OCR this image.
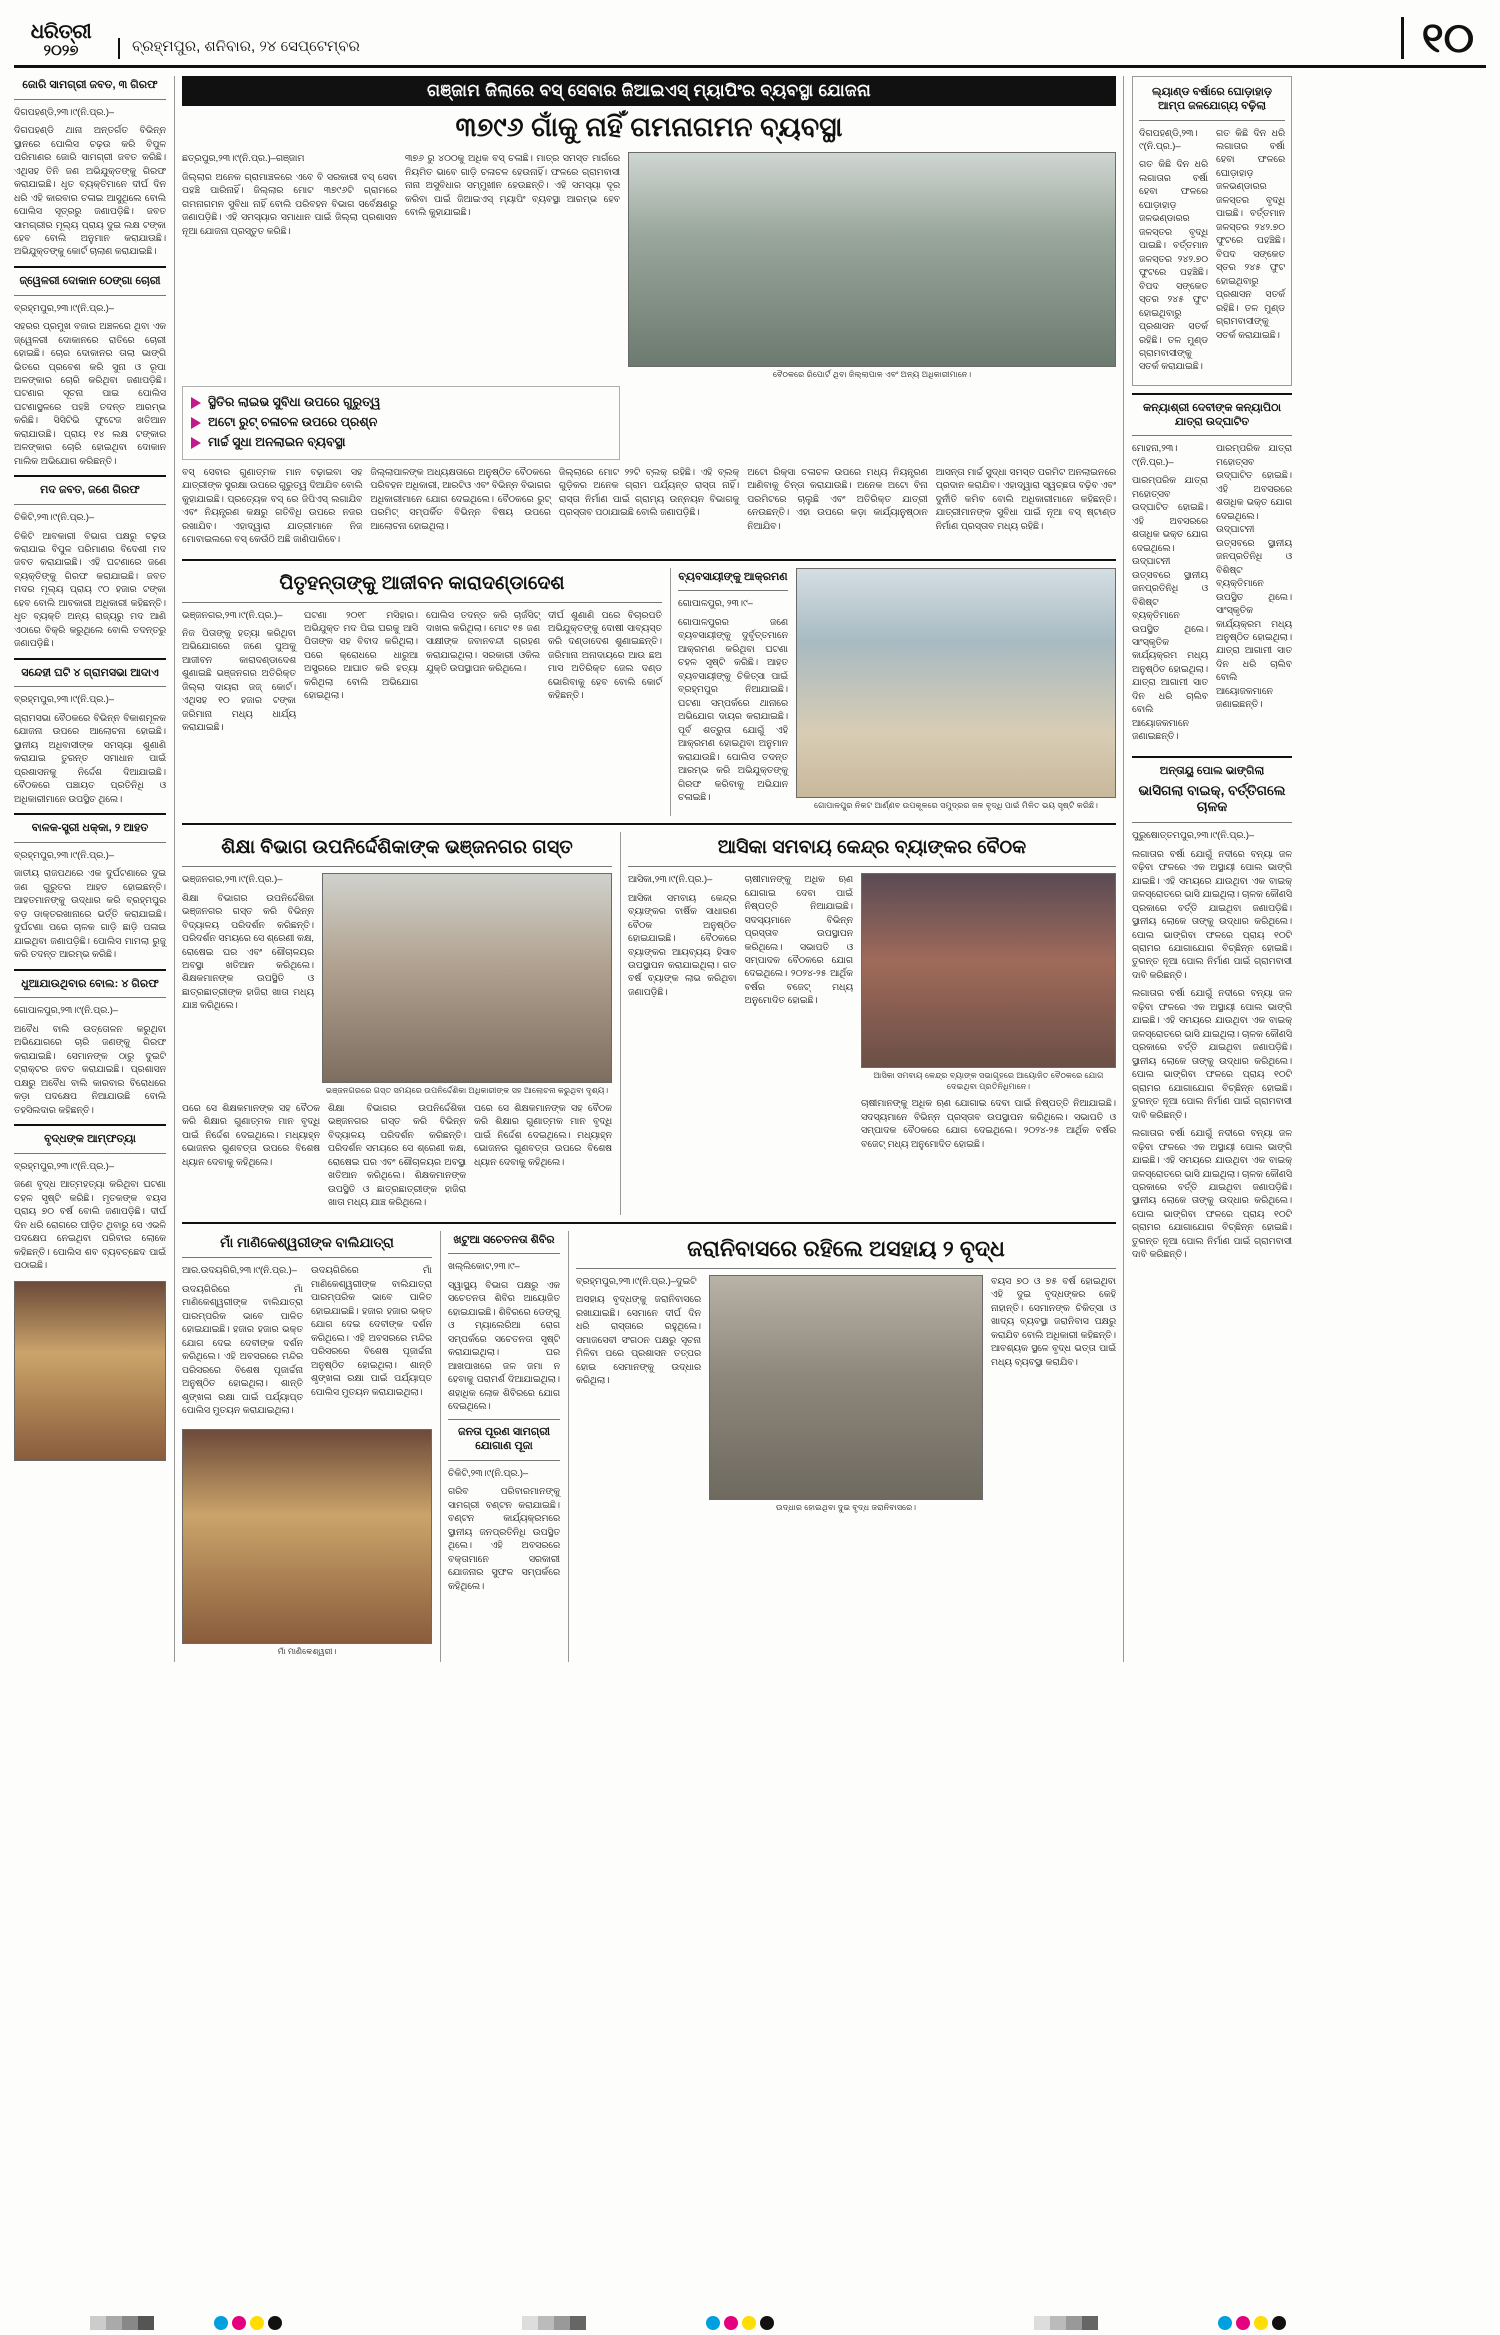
ଧରିତ୍ରୀ
୨୦୨୭	ବ୍ରହ୍ମପୁର, ଶନିବାର, ୨୪ ସେପ୍ଟେମ୍ବର	୧୦
ଜୋରି ସାମଗ୍ରୀ ଜବତ, ୩ ଗିରଫ

ଦିଗପହଣ୍ଡି,୨୩।୯(ନି.ପ୍ର.)–

ଦିଗପହଣ୍ଡି ଥାନା ଅନ୍ତର୍ଗତ ବିଭିନ୍ନ ସ୍ଥାନରେ ପୋଲିସ ଚଢ଼ଉ କରି ବିପୁଳ ପରିମାଣର ଜୋରି ସାମଗ୍ରୀ ଜବତ କରିଛି। ଏଥିସହ ତିନି ଜଣ ଅଭିଯୁକ୍ତଙ୍କୁ ଗିରଫ କରାଯାଇଛି। ଧୃତ ବ୍ୟକ୍ତିମାନେ ଦୀର୍ଘ ଦିନ ଧରି ଏହି କାରବାର ଚଳାଇ ଆସୁଥିଲେ ବୋଲି ପୋଲିସ ସୂତ୍ରରୁ ଜଣାପଡ଼ିଛି। ଜବତ ସାମଗ୍ରୀର ମୂଲ୍ୟ ପ୍ରାୟ ଦୁଇ ଲକ୍ଷ ଟଙ୍କା ହେବ ବୋଲି ଅନୁମାନ କରାଯାଉଛି। ଅଭିଯୁକ୍ତଙ୍କୁ କୋର୍ଟ ଚାଲାଣ କରାଯାଇଛି।

ଜ୍ୱେଳରୀ ଦୋକାନ ଠେଙ୍ଗା ଚୋରୀ

ବ୍ରହ୍ମପୁର,୨୩।୯(ନି.ପ୍ର.)–

ସହରର ପ୍ରମୁଖ ବଜାର ଅଞ୍ଚଳରେ ଥିବା ଏକ ଜ୍ୱେଳରୀ ଦୋକାନରେ ରାତିରେ ଚୋରୀ ହୋଇଛି। ଚୋର ଦୋକାନର ତାଲା ଭାଙ୍ଗି ଭିତରେ ପ୍ରବେଶ କରି ସୁନା ଓ ରୂପା ଅଳଙ୍କାର ଚୋରି କରିଥିବା ଜଣାପଡ଼ିଛି। ଘଟଣାର ସୂଚନା ପାଇ ପୋଲିସ ଘଟଣାସ୍ଥଳରେ ପହଞ୍ଚି ତଦନ୍ତ ଆରମ୍ଭ କରିଛି। ସିସିଟିଭି ଫୁଟେଜ ଖତିଆନ କରାଯାଉଛି। ପ୍ରାୟ ୧୪ ଲକ୍ଷ ଟଙ୍କାର ଅଳଙ୍କାର ଚୋରି ହୋଇଥିବା ଦୋକାନ ମାଲିକ ଅଭିଯୋଗ କରିଛନ୍ତି।

ମଦ ଜବତ, ଜଣେ ଗିରଫ

ଚିକିଟି,୨୩।୯(ନି.ପ୍ର.)–

ଚିକିଟି ଆବକାରୀ ବିଭାଗ ପକ୍ଷରୁ ଚଢ଼ଉ କରାଯାଇ ବିପୁଳ ପରିମାଣର ବିଦେଶୀ ମଦ ଜବତ କରାଯାଇଛି। ଏହି ଘଟଣାରେ ଜଣେ ବ୍ୟକ୍ତିଙ୍କୁ ଗିରଫ କରାଯାଇଛି। ଜବତ ମଦର ମୂଲ୍ୟ ପ୍ରାୟ ୯୦ ହଜାର ଟଙ୍କା ହେବ ବୋଲି ଆବକାରୀ ଅଧିକାରୀ କହିଛନ୍ତି। ଧୃତ ବ୍ୟକ୍ତି ଅନ୍ୟ ରାଜ୍ୟରୁ ମଦ ଆଣି ଏଠାରେ ବିକ୍ରି କରୁଥିଲେ ବୋଲି ତଦନ୍ତରୁ ଜଣାପଡ଼ିଛି।

ସନ୍ଦେହୀ ଘଟି ୪ ଗ୍ରାମସଭା ଆଦାଏ

ବ୍ରହ୍ମପୁର,୨୩।୯(ନି.ପ୍ର.)–

ଗ୍ରାମସଭା ବୈଠକରେ ବିଭିନ୍ନ ବିକାଶମୂଳକ ଯୋଜନା ଉପରେ ଆଲୋଚନା ହୋଇଛି। ସ୍ଥାନୀୟ ଅଧିବାସୀଙ୍କ ସମସ୍ୟା ଶୁଣାଣି କରାଯାଇ ତୁରନ୍ତ ସମାଧାନ ପାଇଁ ପ୍ରଶାସନକୁ ନିର୍ଦ୍ଦେଶ ଦିଆଯାଇଛି। ବୈଠକରେ ପଞ୍ଚାୟତ ପ୍ରତିନିଧି ଓ ଅଧିକାରୀମାନେ ଉପସ୍ଥିତ ଥିଲେ।

ବାଳକ-ସ୍ତ୍ରୀ ଧକ୍କା, ୨ ଆହତ

ବ୍ରହ୍ମପୁର,୨୩।୯(ନି.ପ୍ର.)–

ଜାତୀୟ ରାଜପଥରେ ଏକ ଦୁର୍ଘଟଣାରେ ଦୁଇ ଜଣ ଗୁରୁତର ଆହତ ହୋଇଛନ୍ତି। ଆହତମାନଙ୍କୁ ଉଦ୍ଧାର କରି ବ୍ରହ୍ମପୁର ବଡ଼ ଡାକ୍ତରଖାନାରେ ଭର୍ତ୍ତି କରାଯାଇଛି। ଦୁର୍ଘଟଣା ପରେ ଚାଳକ ଗାଡ଼ି ଛାଡ଼ି ପଳାଇ ଯାଇଥିବା ଜଣାପଡ଼ିଛି। ପୋଲିସ ମାମଲା ରୁଜୁ କରି ତଦନ୍ତ ଆରମ୍ଭ କରିଛି।

ଧୁଆଯାଉଥିବାର ବୋଲ: ୪ ଗିରଫ

ଗୋପାଳପୁର,୨୩।୯(ନି.ପ୍ର.)–

ଅବୈଧ ବାଲି ଉତ୍ତୋଳନ କରୁଥିବା ଅଭିଯୋଗରେ ଚାରି ଜଣଙ୍କୁ ଗିରଫ କରାଯାଇଛି। ସେମାନଙ୍କ ଠାରୁ ଦୁଇଟି ଟ୍ରାକ୍ଟର ଜବତ କରାଯାଇଛି। ପ୍ରଶାସନ ପକ୍ଷରୁ ଅବୈଧ ବାଲି କାରବାର ବିରୋଧରେ କଡ଼ା ପଦକ୍ଷେପ ନିଆଯାଉଛି ବୋଲି ତହସିଲଦାର କହିଛନ୍ତି।

ବୃଦ୍ଧଙ୍କ ଆମ୍ଫତ୍ୟା

ବ୍ରହ୍ମପୁର,୨୩।୯(ନି.ପ୍ର.)–

ଜଣେ ବୃଦ୍ଧ ଆତ୍ମହତ୍ୟା କରିଥିବା ଘଟଣା ଚହଳ ସୃଷ୍ଟି କରିଛି। ମୃତକଙ୍କ ବୟସ ପ୍ରାୟ ୭୦ ବର୍ଷ ବୋଲି ଜଣାପଡ଼ିଛି। ଦୀର୍ଘ ଦିନ ଧରି ରୋଗରେ ପୀଡ଼ିତ ଥିବାରୁ ସେ ଏଭଳି ପଦକ୍ଷେପ ନେଇଥିବା ପରିବାର ଲୋକେ କହିଛନ୍ତି। ପୋଲିସ ଶବ ବ୍ୟବଚ୍ଛେଦ ପାଇଁ ପଠାଇଛି।

ଗଞ୍ଜାମ ଜିଲାରେ ବସ୍ ସେବାର ଜିଆଇଏସ୍ ମ୍ୟାପିଂର ବ୍ୟବସ୍ଥା ଯୋଜନା
୩୭୯୬ ଗାଁକୁ ନାହିଁ ଗମନାଗମନ ବ୍ୟବସ୍ଥା

ଛତ୍ରପୁର,୨୩।୯(ନି.ପ୍ର.)–ଗଞ୍ଜାମ

ଜିଲ୍ଲାର ଅନେକ ଗ୍ରାମାଞ୍ଚଳରେ ଏବେ ବି ସରକାରୀ ବସ୍ ସେବା ପହଞ୍ଚି ପାରିନାହିଁ। ଜିଲ୍ଲାର ମୋଟ ୩୭୯୬ଟି ଗ୍ରାମରେ ଗମନାଗମନ ସୁବିଧା ନାହିଁ ବୋଲି ପରିବହନ ବିଭାଗ ସର୍ବେକ୍ଷଣରୁ ଜଣାପଡ଼ିଛି। ଏହି ସମସ୍ୟାର ସମାଧାନ ପାଇଁ ଜିଲ୍ଲା ପ୍ରଶାସନ ନୂଆ ଯୋଜନା ପ୍ରସ୍ତୁତ କରିଛି।

୩୭୬ ରୁ ୪୦୦କୁ ଅଧିକ ବସ୍ ଚଳାଛି। ମାତ୍ର ସମସ୍ତ ମାର୍ଗରେ ନିୟମିତ ଭାବେ ଗାଡ଼ି ଚଳାଚଳ ହେଉନାହିଁ। ଫଳରେ ଗ୍ରାମବାସୀ ନାନା ଅସୁବିଧାର ସମ୍ମୁଖୀନ ହେଉଛନ୍ତି। ଏହି ସମସ୍ୟା ଦୂର କରିବା ପାଇଁ ଜିଆଇଏସ୍ ମ୍ୟାପିଂ ବ୍ୟବସ୍ଥା ଆରମ୍ଭ ହେବ ବୋଲି କୁହାଯାଇଛି।

ବୈଠକରେ ରିପୋର୍ଟ ଥିବା ଜିଲ୍ଲାପାଳ ଏବଂ ଅନ୍ୟ ଅଧିକାରୀମାନେ।
ସ୍ଥିତିର ଲାଇଭ ସୁବିଧା ଉପରେ ଗୁରୁତ୍ୱ
ଅଟୋ ରୁଟ୍ ଚଳାଚଳ ଉପରେ ପ୍ରଶ୍ନ
ମାର୍ଚ୍ଚ ସୁଧା ଅନଲାଇନ ବ୍ୟବସ୍ଥା

ବସ୍ ସେବାର ଗୁଣାତ୍ମକ ମାନ ବଢ଼ାଇବା ସହ ଯାତ୍ରୀଙ୍କ ସୁରକ୍ଷା ଉପରେ ଗୁରୁତ୍ୱ ଦିଆଯିବ ବୋଲି କୁହାଯାଇଛି। ପ୍ରତ୍ୟେକ ବସ୍ ରେ ଜିପିଏସ୍ ଲଗାଯିବ ଏବଂ ନିୟନ୍ତ୍ରଣ କକ୍ଷରୁ ଗତିବିଧି ଉପରେ ନଜର ରଖାଯିବ। ଏହାଦ୍ୱାରା ଯାତ୍ରୀମାନେ ନିଜ ମୋବାଇଲରେ ବସ୍ କେଉଁଠି ଅଛି ଜାଣିପାରିବେ।

ଜିଲ୍ଲାପାଳଙ୍କ ଅଧ୍ୟକ୍ଷତାରେ ଅନୁଷ୍ଠିତ ବୈଠକରେ ପରିବହନ ଅଧିକାରୀ, ଆରଟିଓ ଏବଂ ବିଭିନ୍ନ ବିଭାଗର ଅଧିକାରୀମାନେ ଯୋଗ ଦେଇଥିଲେ। ବୈଠକରେ ରୁଟ୍ ପରମିଟ୍ ସମ୍ପର୍କିତ ବିଭିନ୍ନ ବିଷୟ ଉପରେ ଆଲୋଚନା ହୋଇଥିଲା।

ଜିଲ୍ଲାରେ ମୋଟ ୨୨ଟି ବ୍ଲକ୍ ରହିଛି। ଏହି ବ୍ଲକ୍ ଗୁଡ଼ିକର ଅନେକ ଗ୍ରାମ ପର୍ଯ୍ୟନ୍ତ ରାସ୍ତା ନାହିଁ। ରାସ୍ତା ନିର୍ମାଣ ପାଇଁ ଗ୍ରାମ୍ୟ ଉନ୍ନୟନ ବିଭାଗକୁ ପ୍ରସ୍ତାବ ପଠାଯାଇଛି ବୋଲି ଜଣାପଡ଼ିଛି।

ଅଟୋ ରିକ୍ସା ଚଳାଚଳ ଉପରେ ମଧ୍ୟ ନିୟନ୍ତ୍ରଣ ଆଣିବାକୁ ଚିନ୍ତା କରାଯାଉଛି। ଅନେକ ଅଟୋ ବିନା ପରମିଟରେ ଚାଲୁଛି ଏବଂ ଅତିରିକ୍ତ ଯାତ୍ରୀ ନେଉଛନ୍ତି। ଏହା ଉପରେ କଡ଼ା କାର୍ଯ୍ୟାନୁଷ୍ଠାନ ନିଆଯିବ।

ଆସନ୍ତା ମାର୍ଚ୍ଚ ସୁଦ୍ଧା ସମସ୍ତ ପରମିଟ ଅନଲାଇନରେ ପ୍ରଦାନ କରାଯିବ। ଏହାଦ୍ୱାରା ସ୍ୱଚ୍ଛତା ବଢ଼ିବ ଏବଂ ଦୁର୍ନୀତି କମିବ ବୋଲି ଅଧିକାରୀମାନେ କହିଛନ୍ତି। ଯାତ୍ରୀମାନଙ୍କ ସୁବିଧା ପାଇଁ ନୂଆ ବସ୍ ଷ୍ଟାଣ୍ଡ ନିର୍ମାଣ ପ୍ରସ୍ତାବ ମଧ୍ୟ ରହିଛି।

ପିତୃହନ୍ତାଙ୍କୁ ଆଜୀବନ କାରାଦଣ୍ଡାଦେଶ

ଭଞ୍ଜନଗର,୨୩।୯(ନି.ପ୍ର.)–

ନିଜ ପିତାଙ୍କୁ ହତ୍ୟା କରିଥିବା ଅଭିଯୋଗରେ ଜଣେ ପୁଅକୁ ଆଜୀବନ କାରାଦଣ୍ଡାଦେଶ ଶୁଣାଇଛି ଭଞ୍ଜନଗର ଅତିରିକ୍ତ ଜିଲ୍ଲା ଦାୟରା ଜଜ୍ କୋର୍ଟ। ଏଥିସହ ୧୦ ହଜାର ଟଙ୍କା ଜରିମାନା ମଧ୍ୟ ଧାର୍ଯ୍ୟ କରାଯାଇଛି।

ଘଟଣା ୨୦୧୮ ମସିହାର। ଅଭିଯୁକ୍ତ ମଦ ପିଇ ଘରକୁ ଆସି ପିତାଙ୍କ ସହ ବିବାଦ କରିଥିଲା। ପରେ କ୍ରୋଧରେ ଧାରୁଆ ଅସ୍ତ୍ରରେ ଆଘାତ କରି ହତ୍ୟା କରିଥିଲା ବୋଲି ଅଭିଯୋଗ ହୋଇଥିଲା।

ପୋଲିସ ତଦନ୍ତ କରି ଚାର୍ଜସିଟ୍ ଦାଖଲ କରିଥିଲା। ମୋଟ ୧୫ ଜଣ ସାକ୍ଷୀଙ୍କ ଜବାନବନ୍ଦୀ ଗ୍ରହଣ କରାଯାଇଥିଲା। ସରକାରୀ ଓକିଲ ଯୁକ୍ତି ଉପସ୍ଥାପନ କରିଥିଲେ।

ଦୀର୍ଘ ଶୁଣାଣି ପରେ ବିଚାରପତି ଅଭିଯୁକ୍ତଙ୍କୁ ଦୋଷୀ ସାବ୍ୟସ୍ତ କରି ଦଣ୍ଡାଦେଶ ଶୁଣାଇଛନ୍ତି। ଜରିମାନା ଅନାଦାୟରେ ଆଉ ଛଅ ମାସ ଅତିରିକ୍ତ ଜେଲ ଦଣ୍ଡ ଭୋଗିବାକୁ ହେବ ବୋଲି କୋର୍ଟ କହିଛନ୍ତି।

ବ୍ୟବସାୟୀଙ୍କୁ ଆକ୍ରମଣ

ଗୋପାଳପୁର, ୨୩।୯–

ଗୋପାଳପୁରର ଜଣେ ବ୍ୟବସାୟୀଙ୍କୁ ଦୁର୍ବୃତ୍ତମାନେ ଆକ୍ରମଣ କରିଥିବା ଘଟଣା ଚହଳ ସୃଷ୍ଟି କରିଛି। ଆହତ ବ୍ୟବସାୟୀଙ୍କୁ ଚିକିତ୍ସା ପାଇଁ ବ୍ରହ୍ମପୁର ନିଆଯାଇଛି। ଘଟଣା ସମ୍ପର୍କରେ ଥାନାରେ ଅଭିଯୋଗ ଦାୟର କରାଯାଇଛି। ପୂର୍ବ ଶତ୍ରୁତା ଯୋଗୁଁ ଏହି ଆକ୍ରମଣ ହୋଇଥିବା ଅନୁମାନ କରାଯାଉଛି। ପୋଲିସ ତଦନ୍ତ ଆରମ୍ଭ କରି ଅଭିଯୁକ୍ତଙ୍କୁ ଗିରଫ କରିବାକୁ ଅଭିଯାନ ଚଳାଇଛି।

ଗୋପାଳପୁର ନିକଟ ଆର୍ଣ୍ଣବ ଉପକୂଳରେ ସମୁଦ୍ରର ଜଳ ବୃଦ୍ଧି ପାଇଁ ମିଳିତ ଭୟ ସୃଷ୍ଟି କରିଛି।
ଶିକ୍ଷା ବିଭାଗ ଉପନିର୍ଦ୍ଦେଶିକାଙ୍କ ଭଞ୍ଜନଗର ଗସ୍ତ

ଭଞ୍ଜନଗର,୨୩।୯(ନି.ପ୍ର.)–

ଶିକ୍ଷା ବିଭାଗର ଉପନିର୍ଦ୍ଦେଶିକା ଭଞ୍ଜନଗର ଗସ୍ତ କରି ବିଭିନ୍ନ ବିଦ୍ୟାଳୟ ପରିଦର୍ଶନ କରିଛନ୍ତି। ପରିଦର୍ଶନ ସମୟରେ ସେ ଶ୍ରେଣୀ କକ୍ଷ, ରୋଷେଇ ଘର ଏବଂ ଶୌଚାଳୟର ଅବସ୍ଥା ଖତିଆନ କରିଥିଲେ। ଶିକ୍ଷକମାନଙ୍କ ଉପସ୍ଥିତି ଓ ଛାତ୍ରଛାତ୍ରୀଙ୍କ ହାଜିରା ଖାତା ମଧ୍ୟ ଯାଞ୍ଚ କରିଥିଲେ।

ଭଞ୍ଜନଗରରେ ଗସ୍ତ ସମୟରେ ଉପନିର୍ଦ୍ଦେଶିକା ଅଧିକାରୀଙ୍କ ସହ ଆଲୋଚନା କରୁଥିବା ଦୃଶ୍ୟ।

ପରେ ସେ ଶିକ୍ଷକମାନଙ୍କ ସହ ବୈଠକ କରି ଶିକ୍ଷାର ଗୁଣାତ୍ମକ ମାନ ବୃଦ୍ଧି ପାଇଁ ନିର୍ଦ୍ଦେଶ ଦେଇଥିଲେ। ମଧ୍ୟାହ୍ନ ଭୋଜନର ଗୁଣବତ୍ତା ଉପରେ ବିଶେଷ ଧ୍ୟାନ ଦେବାକୁ କହିଥିଲେ।

ଶିକ୍ଷା ବିଭାଗର ଉପନିର୍ଦ୍ଦେଶିକା ଭଞ୍ଜନଗର ଗସ୍ତ କରି ବିଭିନ୍ନ ବିଦ୍ୟାଳୟ ପରିଦର୍ଶନ କରିଛନ୍ତି। ପରିଦର୍ଶନ ସମୟରେ ସେ ଶ୍ରେଣୀ କକ୍ଷ, ରୋଷେଇ ଘର ଏବଂ ଶୌଚାଳୟର ଅବସ୍ଥା ଖତିଆନ କରିଥିଲେ। ଶିକ୍ଷକମାନଙ୍କ ଉପସ୍ଥିତି ଓ ଛାତ୍ରଛାତ୍ରୀଙ୍କ ହାଜିରା ଖାତା ମଧ୍ୟ ଯାଞ୍ଚ କରିଥିଲେ।

ପରେ ସେ ଶିକ୍ଷକମାନଙ୍କ ସହ ବୈଠକ କରି ଶିକ୍ଷାର ଗୁଣାତ୍ମକ ମାନ ବୃଦ୍ଧି ପାଇଁ ନିର୍ଦ୍ଦେଶ ଦେଇଥିଲେ। ମଧ୍ୟାହ୍ନ ଭୋଜନର ଗୁଣବତ୍ତା ଉପରେ ବିଶେଷ ଧ୍ୟାନ ଦେବାକୁ କହିଥିଲେ।

ଆସିକା ସମବାୟ କେନ୍ଦ୍ର ବ୍ୟାଙ୍କର ବୈଠକ

ଆସିକା,୨୩।୯(ନି.ପ୍ର.)–

ଆସିକା ସମବାୟ କେନ୍ଦ୍ର ବ୍ୟାଙ୍କର ବାର୍ଷିକ ସାଧାରଣ ବୈଠକ ଅନୁଷ୍ଠିତ ହୋଇଯାଇଛି। ବୈଠକରେ ବ୍ୟାଙ୍କର ଆୟବ୍ୟୟ ହିସାବ ଉପସ୍ଥାପନ କରାଯାଇଥିଲା। ଗତ ବର୍ଷ ବ୍ୟାଙ୍କ ଲାଭ କରିଥିବା ଜଣାପଡ଼ିଛି।

ଚାଷୀମାନଙ୍କୁ ଅଧିକ ଋଣ ଯୋଗାଇ ଦେବା ପାଇଁ ନିଷ୍ପତ୍ତି ନିଆଯାଇଛି। ସଦସ୍ୟମାନେ ବିଭିନ୍ନ ପ୍ରସ୍ତାବ ଉପସ୍ଥାପନ କରିଥିଲେ। ସଭାପତି ଓ ସମ୍ପାଦକ ବୈଠକରେ ଯୋଗ ଦେଇଥିଲେ। ୨୦୨୪-୨୫ ଆର୍ଥିକ ବର୍ଷର ବଜେଟ୍ ମଧ୍ୟ ଅନୁମୋଦିତ ହୋଇଛି।

ଆସିକା ସମବାୟ କେନ୍ଦ୍ର ବ୍ୟାଙ୍କ ସଭାଗୃହରେ ଆୟୋଜିତ ବୈଠକରେ ଯୋଗ ଦେଇଥିବା ପ୍ରତିନିଧିମାନେ।

ଚାଷୀମାନଙ୍କୁ ଅଧିକ ଋଣ ଯୋଗାଇ ଦେବା ପାଇଁ ନିଷ୍ପତ୍ତି ନିଆଯାଇଛି। ସଦସ୍ୟମାନେ ବିଭିନ୍ନ ପ୍ରସ୍ତାବ ଉପସ୍ଥାପନ କରିଥିଲେ। ସଭାପତି ଓ ସମ୍ପାଦକ ବୈଠକରେ ଯୋଗ ଦେଇଥିଲେ। ୨୦୨୪-୨୫ ଆର୍ଥିକ ବର୍ଷର ବଜେଟ୍ ମଧ୍ୟ ଅନୁମୋଦିତ ହୋଇଛି।

ମାଁ ମାଣିକେଶ୍ୱରୀଙ୍କ ବାଲିଯାତ୍ରା

ଆର.ଉଦୟଗିରି,୨୩।୯(ନି.ପ୍ର.)–

ଉଦୟଗିରିରେ ମାଁ ମାଣିକେଶ୍ୱରୀଙ୍କ ବାଲିଯାତ୍ରା ପାରମ୍ପରିକ ଭାବେ ପାଳିତ ହୋଇଯାଇଛି। ହଜାର ହଜାର ଭକ୍ତ ଯୋଗ ଦେଇ ଦେବୀଙ୍କ ଦର୍ଶନ କରିଥିଲେ। ଏହି ଅବସରରେ ମନ୍ଦିର ପରିସରରେ ବିଶେଷ ପୂଜାର୍ଚ୍ଚନା ଅନୁଷ୍ଠିତ ହୋଇଥିଲା। ଶାନ୍ତି ଶୃଙ୍ଖଳା ରକ୍ଷା ପାଇଁ ପର୍ଯ୍ୟାପ୍ତ ପୋଲିସ ମୁତୟନ କରାଯାଇଥିଲା।

ଉଦୟଗିରିରେ ମାଁ ମାଣିକେଶ୍ୱରୀଙ୍କ ବାଲିଯାତ୍ରା ପାରମ୍ପରିକ ଭାବେ ପାଳିତ ହୋଇଯାଇଛି। ହଜାର ହଜାର ଭକ୍ତ ଯୋଗ ଦେଇ ଦେବୀଙ୍କ ଦର୍ଶନ କରିଥିଲେ। ଏହି ଅବସରରେ ମନ୍ଦିର ପରିସରରେ ବିଶେଷ ପୂଜାର୍ଚ୍ଚନା ଅନୁଷ୍ଠିତ ହୋଇଥିଲା। ଶାନ୍ତି ଶୃଙ୍ଖଳା ରକ୍ଷା ପାଇଁ ପର୍ଯ୍ୟାପ୍ତ ପୋଲିସ ମୁତୟନ କରାଯାଇଥିଲା।

ମାଁ ମାଣିକେଶ୍ୱରୀ।
ଖଟୁଆ ସଚେତନତା ଶିବିର

ଖଲ୍ଲିକୋଟ,୨୩।୯–

ସ୍ୱାସ୍ଥ୍ୟ ବିଭାଗ ପକ୍ଷରୁ ଏକ ସଚେତନତା ଶିବିର ଆୟୋଜିତ ହୋଇଯାଇଛି। ଶିବିରରେ ଡେଙ୍ଗୁ ଓ ମ୍ୟାଲେରିଆ ରୋଗ ସମ୍ପର୍କରେ ସଚେତନତା ସୃଷ୍ଟି କରାଯାଇଥିଲା। ଘର ଆଖପାଖରେ ଜଳ ଜମା ନ ହେବାକୁ ପରାମର୍ଶ ଦିଆଯାଇଥିଲା। ଶହାଧିକ ଲୋକ ଶିବିରରେ ଯୋଗ ଦେଇଥିଲେ।

ଜନତା ପୂରଣ ସାମଗ୍ରୀ ଯୋଗାଣ ପୂଜା

ଚିକିଟି,୨୩।୯(ନି.ପ୍ର.)–

ଗରିବ ପରିବାରମାନଙ୍କୁ ସାମଗ୍ରୀ ବଣ୍ଟନ କରାଯାଇଛି। ବଣ୍ଟନ କାର୍ଯ୍ୟକ୍ରମରେ ସ୍ଥାନୀୟ ଜନପ୍ରତିନିଧି ଉପସ୍ଥିତ ଥିଲେ। ଏହି ଅବସରରେ ବକ୍ତାମାନେ ସରକାରୀ ଯୋଜନାର ସୁଫଳ ସମ୍ପର୍କରେ କହିଥିଲେ।

ଜରାନିବାସରେ ରହିଲେ ଅସହାୟ ୨ ବୃଦ୍ଧ

ବ୍ରହ୍ମପୁର,୨୩।୯(ନି.ପ୍ର.)–ଦୁଇଟି

ଅସହାୟ ବୃଦ୍ଧଙ୍କୁ ଜରାନିବାସରେ ରଖାଯାଇଛି। ସେମାନେ ଦୀର୍ଘ ଦିନ ଧରି ରାସ୍ତାରେ ରହୁଥିଲେ। ସମାଜସେବୀ ସଂଗଠନ ପକ୍ଷରୁ ସୂଚନା ମିଳିବା ପରେ ପ୍ରଶାସନ ତତ୍ପର ହୋଇ ସେମାନଙ୍କୁ ଉଦ୍ଧାର କରିଥିଲା।

ଉଦ୍ଧାର ହୋଇଥିବା ଦୁଇ ବୃଦ୍ଧ ଜରାନିବାସରେ।

ବୟସ ୭୦ ଓ ୭୫ ବର୍ଷ ହୋଇଥିବା ଏହି ଦୁଇ ବୃଦ୍ଧଙ୍କର କେହି ନାହାନ୍ତି। ସେମାନଙ୍କ ଚିକିତ୍ସା ଓ ଖାଦ୍ୟ ବ୍ୟବସ୍ଥା ଜରାନିବାସ ପକ୍ଷରୁ କରାଯିବ ବୋଲି ଅଧିକାରୀ କହିଛନ୍ତି। ଆବଶ୍ୟକ ସ୍ଥଳେ ବୃଦ୍ଧ ଭତ୍ତା ପାଇଁ ମଧ୍ୟ ବ୍ୟବସ୍ଥା କରାଯିବ।

ଲ୍ୟାଣ୍ଡ ବର୍ଷାରେ ଘୋଡ଼ାହାଡ଼ ଆମ୍ପ ଜଳଯୋଗ୍ୟ ବଢ଼ିଲା

ଦିଗପହଣ୍ଡି,୨୩।୯(ନି.ପ୍ର.)–

ଗତ କିଛି ଦିନ ଧରି ଲଗାତାର ବର୍ଷା ହେବା ଫଳରେ ଘୋଡ଼ାହାଡ଼ ଜଳଭଣ୍ଡାରର ଜଳସ୍ତର ବୃଦ୍ଧି ପାଇଛି। ବର୍ତ୍ତମାନ ଜଳସ୍ତର ୨୪୨.୭୦ ଫୁଟରେ ପହଞ୍ଚିଛି। ବିପଦ ସଙ୍କେତ ସ୍ତର ୨୪୫ ଫୁଟ ହୋଇଥିବାରୁ ପ୍ରଶାସନ ସତର୍କ ରହିଛି। ତଳ ମୁଣ୍ଡ ଗ୍ରାମବାସୀଙ୍କୁ ସତର୍କ କରାଯାଇଛି।

ଗତ କିଛି ଦିନ ଧରି ଲଗାତାର ବର୍ଷା ହେବା ଫଳରେ ଘୋଡ଼ାହାଡ଼ ଜଳଭଣ୍ଡାରର ଜଳସ୍ତର ବୃଦ୍ଧି ପାଇଛି। ବର୍ତ୍ତମାନ ଜଳସ୍ତର ୨୪୨.୭୦ ଫୁଟରେ ପହଞ୍ଚିଛି। ବିପଦ ସଙ୍କେତ ସ୍ତର ୨୪୫ ଫୁଟ ହୋଇଥିବାରୁ ପ୍ରଶାସନ ସତର୍କ ରହିଛି। ତଳ ମୁଣ୍ଡ ଗ୍ରାମବାସୀଙ୍କୁ ସତର୍କ କରାଯାଇଛି।

କନ୍ୟାଶ୍ରୀ ଦେବୀଙ୍କ କନ୍ୟାପିଠା ଯାତ୍ରା ଉଦ୍‌ଘାଟିତ

ମୋହନା,୨୩।୯(ନି.ପ୍ର.)–

ପାରମ୍ପରିକ ଯାତ୍ରା ମହୋତ୍ସବ ଉଦ୍‌ଘାଟିତ ହୋଇଛି। ଏହି ଅବସରରେ ଶତାଧିକ ଭକ୍ତ ଯୋଗ ଦେଇଥିଲେ। ଉଦ୍‌ଘାଟନୀ ଉତ୍ସବରେ ସ୍ଥାନୀୟ ଜନପ୍ରତିନିଧି ଓ ବିଶିଷ୍ଟ ବ୍ୟକ୍ତିମାନେ ଉପସ୍ଥିତ ଥିଲେ। ସାଂସ୍କୃତିକ କାର୍ଯ୍ୟକ୍ରମ ମଧ୍ୟ ଅନୁଷ୍ଠିତ ହୋଇଥିଲା। ଯାତ୍ରା ଆଗାମୀ ସାତ ଦିନ ଧରି ଚାଲିବ ବୋଲି ଆୟୋଜକମାନେ ଜଣାଇଛନ୍ତି।

ପାରମ୍ପରିକ ଯାତ୍ରା ମହୋତ୍ସବ ଉଦ୍‌ଘାଟିତ ହୋଇଛି। ଏହି ଅବସରରେ ଶତାଧିକ ଭକ୍ତ ଯୋଗ ଦେଇଥିଲେ। ଉଦ୍‌ଘାଟନୀ ଉତ୍ସବରେ ସ୍ଥାନୀୟ ଜନପ୍ରତିନିଧି ଓ ବିଶିଷ୍ଟ ବ୍ୟକ୍ତିମାନେ ଉପସ୍ଥିତ ଥିଲେ। ସାଂସ୍କୃତିକ କାର୍ଯ୍ୟକ୍ରମ ମଧ୍ୟ ଅନୁଷ୍ଠିତ ହୋଇଥିଲା। ଯାତ୍ରା ଆଗାମୀ ସାତ ଦିନ ଧରି ଚାଲିବ ବୋଲି ଆୟୋଜକମାନେ ଜଣାଇଛନ୍ତି।

ଅନ୍ତାୟୁ ପୋଲ ଭାଙ୍ଗିଲା
ଭାସିଗଲା ବାଇକ୍, ବର୍ତ୍ତିଗଲେ ଚାଳକ

ପୁରୁଷୋତ୍ତମପୁର,୨୩।୯(ନି.ପ୍ର.)–

ଲଗାତାର ବର୍ଷା ଯୋଗୁଁ ନଦୀରେ ବନ୍ୟା ଜଳ ବଢ଼ିବା ଫଳରେ ଏକ ଅସ୍ଥାୟୀ ପୋଲ ଭାଙ୍ଗି ଯାଇଛି। ଏହି ସମୟରେ ଯାଉଥିବା ଏକ ବାଇକ୍ ଜଳସ୍ରୋତରେ ଭାସି ଯାଇଥିଲା। ଚାଳକ କୌଣସି ପ୍ରକାରେ ବର୍ତ୍ତି ଯାଇଥିବା ଜଣାପଡ଼ିଛି। ସ୍ଥାନୀୟ ଲୋକେ ତାଙ୍କୁ ଉଦ୍ଧାର କରିଥିଲେ। ପୋଲ ଭାଙ୍ଗିବା ଫଳରେ ପ୍ରାୟ ୧୦ଟି ଗ୍ରାମର ଯୋଗାଯୋଗ ବିଚ୍ଛିନ୍ନ ହୋଇଛି। ତୁରନ୍ତ ନୂଆ ପୋଲ ନିର୍ମାଣ ପାଇଁ ଗ୍ରାମବାସୀ ଦାବି କରିଛନ୍ତି।

ଲଗାତାର ବର୍ଷା ଯୋଗୁଁ ନଦୀରେ ବନ୍ୟା ଜଳ ବଢ଼ିବା ଫଳରେ ଏକ ଅସ୍ଥାୟୀ ପୋଲ ଭାଙ୍ଗି ଯାଇଛି। ଏହି ସମୟରେ ଯାଉଥିବା ଏକ ବାଇକ୍ ଜଳସ୍ରୋତରେ ଭାସି ଯାଇଥିଲା। ଚାଳକ କୌଣସି ପ୍ରକାରେ ବର୍ତ୍ତି ଯାଇଥିବା ଜଣାପଡ଼ିଛି। ସ୍ଥାନୀୟ ଲୋକେ ତାଙ୍କୁ ଉଦ୍ଧାର କରିଥିଲେ। ପୋଲ ଭାଙ୍ଗିବା ଫଳରେ ପ୍ରାୟ ୧୦ଟି ଗ୍ରାମର ଯୋଗାଯୋଗ ବିଚ୍ଛିନ୍ନ ହୋଇଛି। ତୁରନ୍ତ ନୂଆ ପୋଲ ନିର୍ମାଣ ପାଇଁ ଗ୍ରାମବାସୀ ଦାବି କରିଛନ୍ତି।

ଲଗାତାର ବର୍ଷା ଯୋଗୁଁ ନଦୀରେ ବନ୍ୟା ଜଳ ବଢ଼ିବା ଫଳରେ ଏକ ଅସ୍ଥାୟୀ ପୋଲ ଭାଙ୍ଗି ଯାଇଛି। ଏହି ସମୟରେ ଯାଉଥିବା ଏକ ବାଇକ୍ ଜଳସ୍ରୋତରେ ଭାସି ଯାଇଥିଲା। ଚାଳକ କୌଣସି ପ୍ରକାରେ ବର୍ତ୍ତି ଯାଇଥିବା ଜଣାପଡ଼ିଛି। ସ୍ଥାନୀୟ ଲୋକେ ତାଙ୍କୁ ଉଦ୍ଧାର କରିଥିଲେ। ପୋଲ ଭାଙ୍ଗିବା ଫଳରେ ପ୍ରାୟ ୧୦ଟି ଗ୍ରାମର ଯୋଗାଯୋଗ ବିଚ୍ଛିନ୍ନ ହୋଇଛି। ତୁରନ୍ତ ନୂଆ ପୋଲ ନିର୍ମାଣ ପାଇଁ ଗ୍ରାମବାସୀ ଦାବି କରିଛନ୍ତି।
